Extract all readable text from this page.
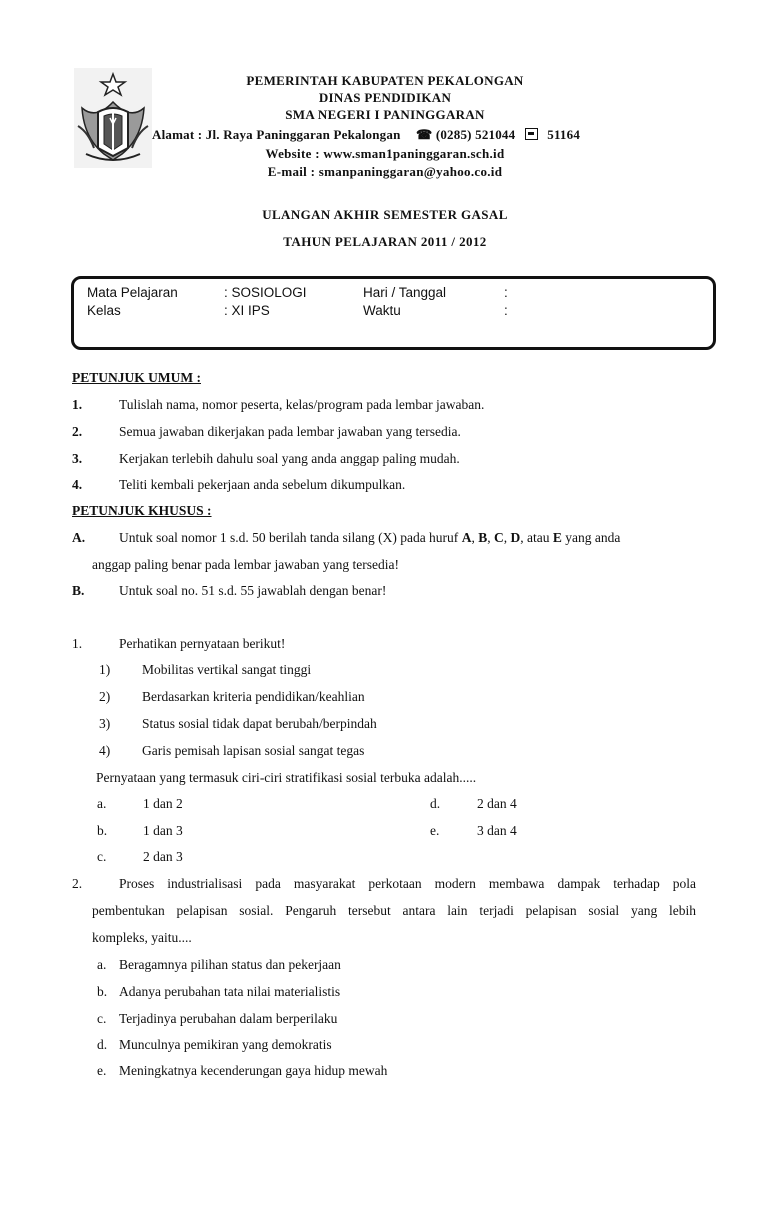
PEMERINTAH KABUPATEN PEKALONGAN
DINAS PENDIDIKAN
SMA NEGERI I PANINGGARAN
Alamat : Jl. Raya Paninggaran Pekalongan ☎ (0285) 521044 51164
Website : www.sman1paninggaran.sch.id
E-mail : smanpaninggaran@yahoo.co.id
ULANGAN AKHIR SEMESTER GASAL
TAHUN PELAJARAN 2011 / 2012
Mata Pelajaran	: SOSIOLOGI	Hari / Tanggal	:
Kelas	: XI IPS	Waktu	:
PETUNJUK UMUM :
1.	Tulislah nama, nomor peserta, kelas/program pada lembar jawaban.
2.	Semua jawaban dikerjakan pada lembar jawaban yang tersedia.
3.	Kerjakan terlebih dahulu soal yang anda anggap paling mudah.
4.	Teliti kembali pekerjaan anda sebelum dikumpulkan.
PETUNJUK KHUSUS :
A.	Untuk soal nomor 1 s.d. 50 berilah tanda silang (X) pada huruf A, B, C, D, atau E yang anda
anggap paling benar pada lembar jawaban yang tersedia!
B.	Untuk soal no. 51 s.d. 55 jawablah dengan benar!
1.	Perhatikan pernyataan berikut!
1) Mobilitas vertikal sangat tinggi
2) Berdasarkan kriteria pendidikan/keahlian
3) Status sosial tidak dapat berubah/berpindah
4) Garis pemisah lapisan sosial sangat tegas
Pernyataan yang termasuk ciri-ciri stratifikasi sosial terbuka adalah.....
a.	1 dan 2	d.	2 dan 4
b.	1 dan 3	e.	3 dan 4
c.	2 dan 3
2.	Proses industrialisasi pada masyarakat perkotaan modern membawa dampak terhadap pola
pembentukan pelapisan sosial. Pengaruh tersebut antara lain terjadi pelapisan sosial yang lebih
kompleks, yaitu....
a. Beragamnya pilihan status dan pekerjaan
b. Adanya perubahan tata nilai materialistis
c. Terjadinya perubahan dalam berperilaku
d. Munculnya pemikiran yang demokratis
e. Meningkatnya kecenderungan gaya hidup mewah
